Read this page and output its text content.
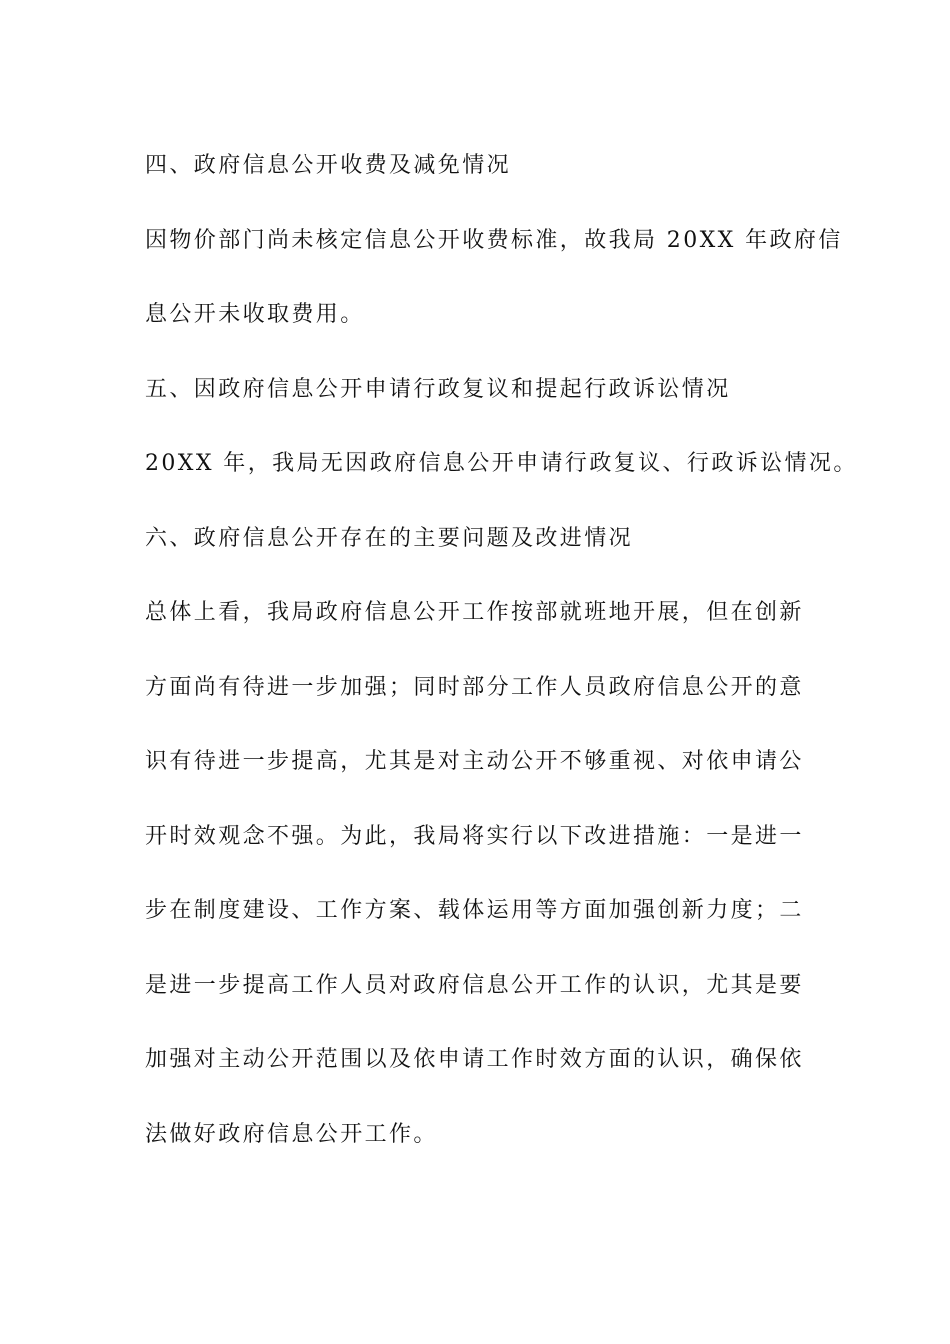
四、政府信息公开收费及减免情况
因物价部门尚未核定信息公开收费标准，故我局 20XX 年政府信
息公开未收取费用。
五、因政府信息公开申请行政复议和提起行政诉讼情况
20XX 年，我局无因政府信息公开申请行政复议、行政诉讼情况。
六、政府信息公开存在的主要问题及改进情况
总体上看，我局政府信息公开工作按部就班地开展，但在创新
方面尚有待进一步加强；同时部分工作人员政府信息公开的意
识有待进一步提高，尤其是对主动公开不够重视、对依申请公
开时效观念不强。为此，我局将实行以下改进措施：一是进一
步在制度建设、工作方案、载体运用等方面加强创新力度；二
是进一步提高工作人员对政府信息公开工作的认识，尤其是要
加强对主动公开范围以及依申请工作时效方面的认识，确保依
法做好政府信息公开工作。
